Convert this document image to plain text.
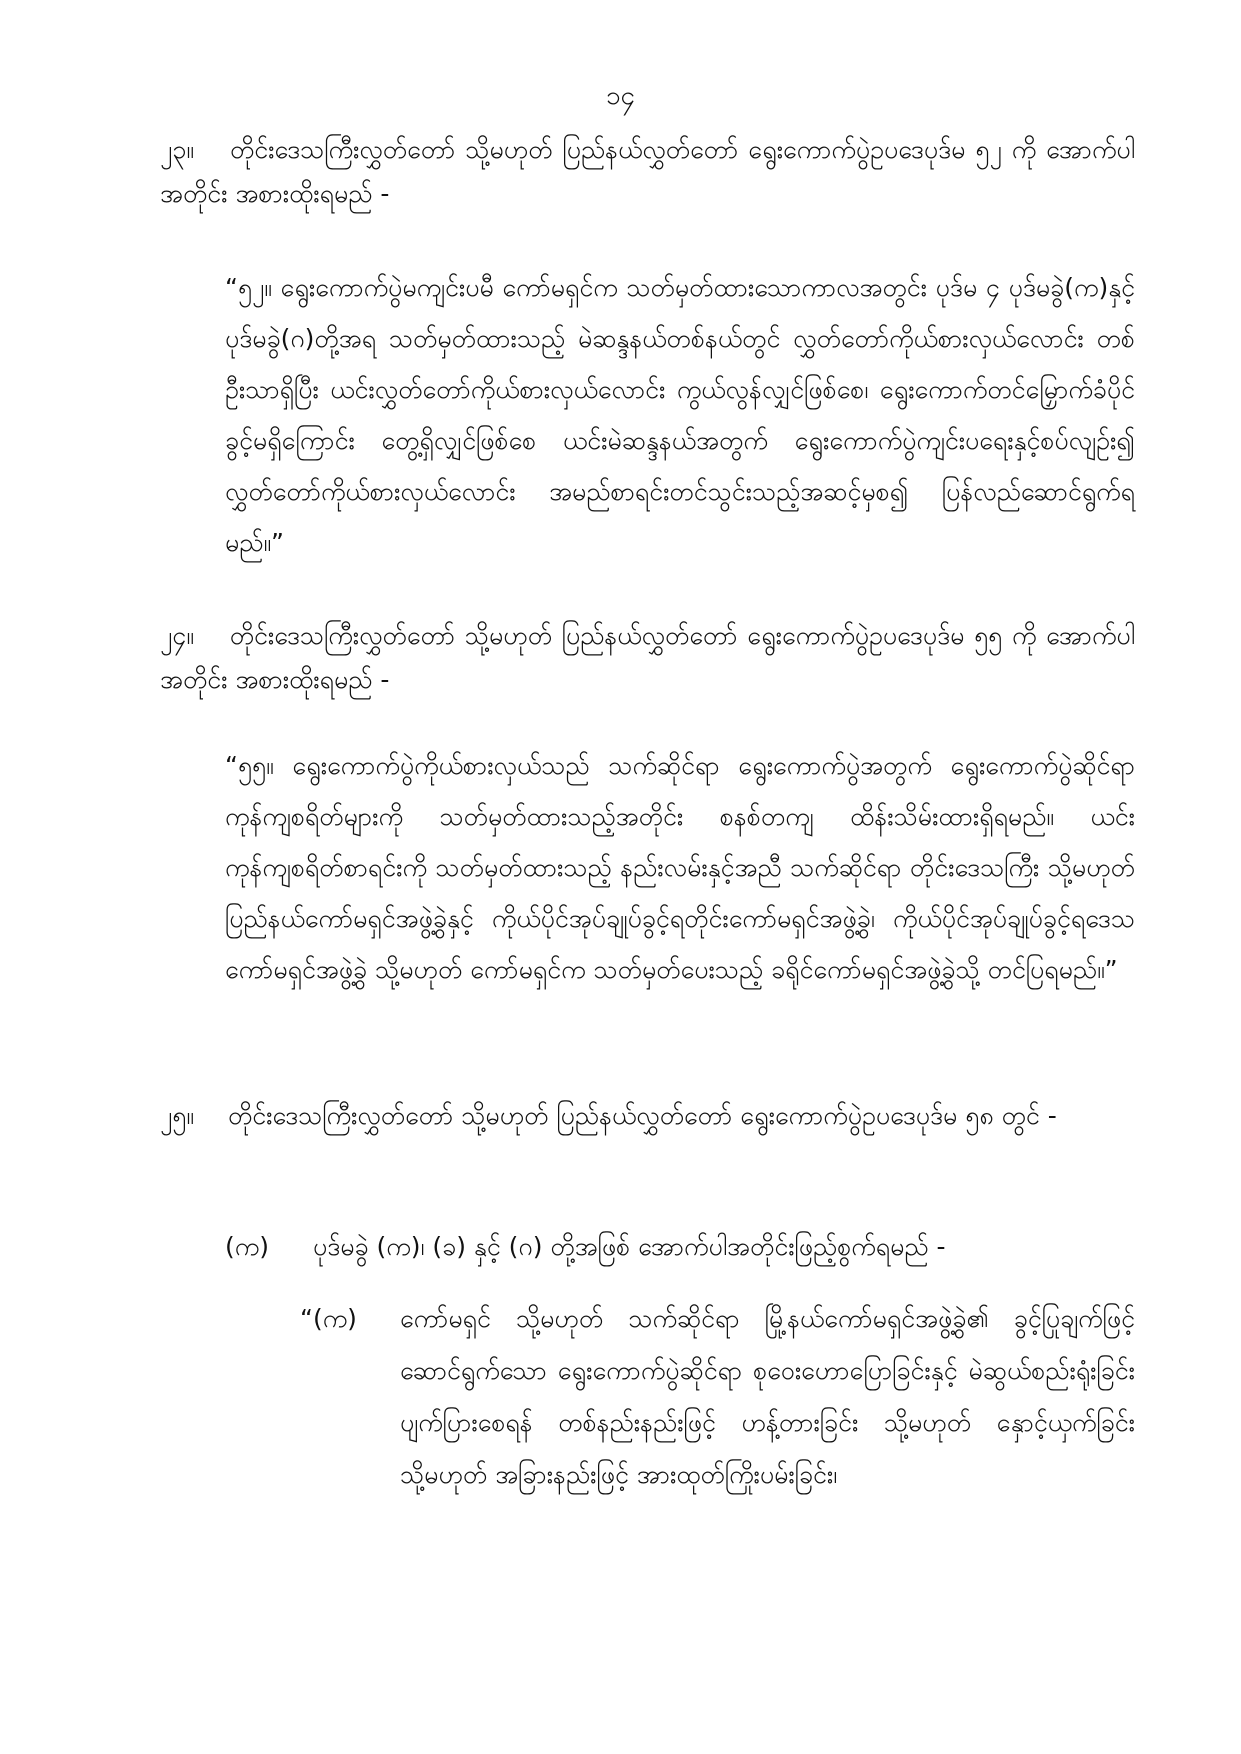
၁၄
၂၃။ တိုင်းဒေသကြီးလွှတ်တော် သို့မဟုတ် ပြည်နယ်လွှတ်တော် ရွေးကောက်ပွဲဥပဒေပုဒ်မ ၅၂ ကို အောက်ပါအတိုင်း အစားထိုးရမည် -
“၅၂။ ရွေးကောက်ပွဲမကျင်းပမီ ကော်မရှင်က သတ်မှတ်ထားသောကာလအတွင်း ပုဒ်မ ၄ ပုဒ်မခွဲ(က)နှင့် ပုဒ်မခွဲ(ဂ)တို့အရ သတ်မှတ်ထားသည့် မဲဆန္ဒနယ်တစ်နယ်တွင် လွှတ်တော်ကိုယ်စားလှယ်လောင်း တစ်ဦးသာရှိပြီး ယင်းလွှတ်တော်ကိုယ်စားလှယ်လောင်း ကွယ်လွန်လျှင်ဖြစ်စေ၊ ရွေးကောက်တင်မြှောက်ခံပိုင်ခွင့်မရှိကြောင်း တွေ့ရှိလျှင်ဖြစ်စေ ယင်းမဲဆန္ဒနယ်အတွက် ရွေးကောက်ပွဲကျင်းပရေးနှင့်စပ်လျဉ်း၍ လွှတ်တော်ကိုယ်စားလှယ်လောင်း အမည်စာရင်းတင်သွင်းသည့်အဆင့်မှစ၍ ပြန်လည်ဆောင်ရွက်ရမည်။”
၂၄။ တိုင်းဒေသကြီးလွှတ်တော် သို့မဟုတ် ပြည်နယ်လွှတ်တော် ရွေးကောက်ပွဲဥပဒေပုဒ်မ ၅၅ ကို အောက်ပါအတိုင်း အစားထိုးရမည် -
“၅၅။ ရွေးကောက်ပွဲကိုယ်စားလှယ်သည် သက်ဆိုင်ရာ ရွေးကောက်ပွဲအတွက် ရွေးကောက်ပွဲဆိုင်ရာ ကုန်ကျစရိတ်များကို သတ်မှတ်ထားသည့်အတိုင်း စနစ်တကျ ထိန်းသိမ်းထားရှိရမည်။ ယင်းကုန်ကျစရိတ်စာရင်းကို သတ်မှတ်ထားသည့် နည်းလမ်းနှင့်အညီ သက်ဆိုင်ရာ တိုင်းဒေသကြီး သို့မဟုတ် ပြည်နယ်ကော်မရှင်အဖွဲ့ခွဲနှင့် ကိုယ်ပိုင်အုပ်ချုပ်ခွင့်ရတိုင်းကော်မရှင်အဖွဲ့ခွဲ၊ ကိုယ်ပိုင်အုပ်ချုပ်ခွင့်ရဒေသကော်မရှင်အဖွဲ့ခွဲ သို့မဟုတ် ကော်မရှင်က သတ်မှတ်ပေးသည့် ခရိုင်ကော်မရှင်အဖွဲ့ခွဲသို့ တင်ပြရမည်။”
၂၅။ တိုင်းဒေသကြီးလွှတ်တော် သို့မဟုတ် ပြည်နယ်လွှတ်တော် ရွေးကောက်ပွဲဥပဒေပုဒ်မ ၅၈ တွင် -
(က) ပုဒ်မခွဲ (က)၊ (ခ) နှင့် (ဂ) တို့အဖြစ် အောက်ပါအတိုင်းဖြည့်စွက်ရမည် -
“(က)	ကော်မရှင် သို့မဟုတ် သက်ဆိုင်ရာ မြို့နယ်ကော်မရှင်အဖွဲ့ခွဲ၏ ခွင့်ပြုချက်ဖြင့် ဆောင်ရွက်သော ရွေးကောက်ပွဲဆိုင်ရာ စုဝေးဟောပြောခြင်းနှင့် မဲဆွယ်စည်းရုံးခြင်း ပျက်ပြားစေရန် တစ်နည်းနည်းဖြင့် ဟန့်တားခြင်း သို့မဟုတ် နှောင့်ယှက်ခြင်း သို့မဟုတ် အခြားနည်းဖြင့် အားထုတ်ကြိုးပမ်းခြင်း၊
